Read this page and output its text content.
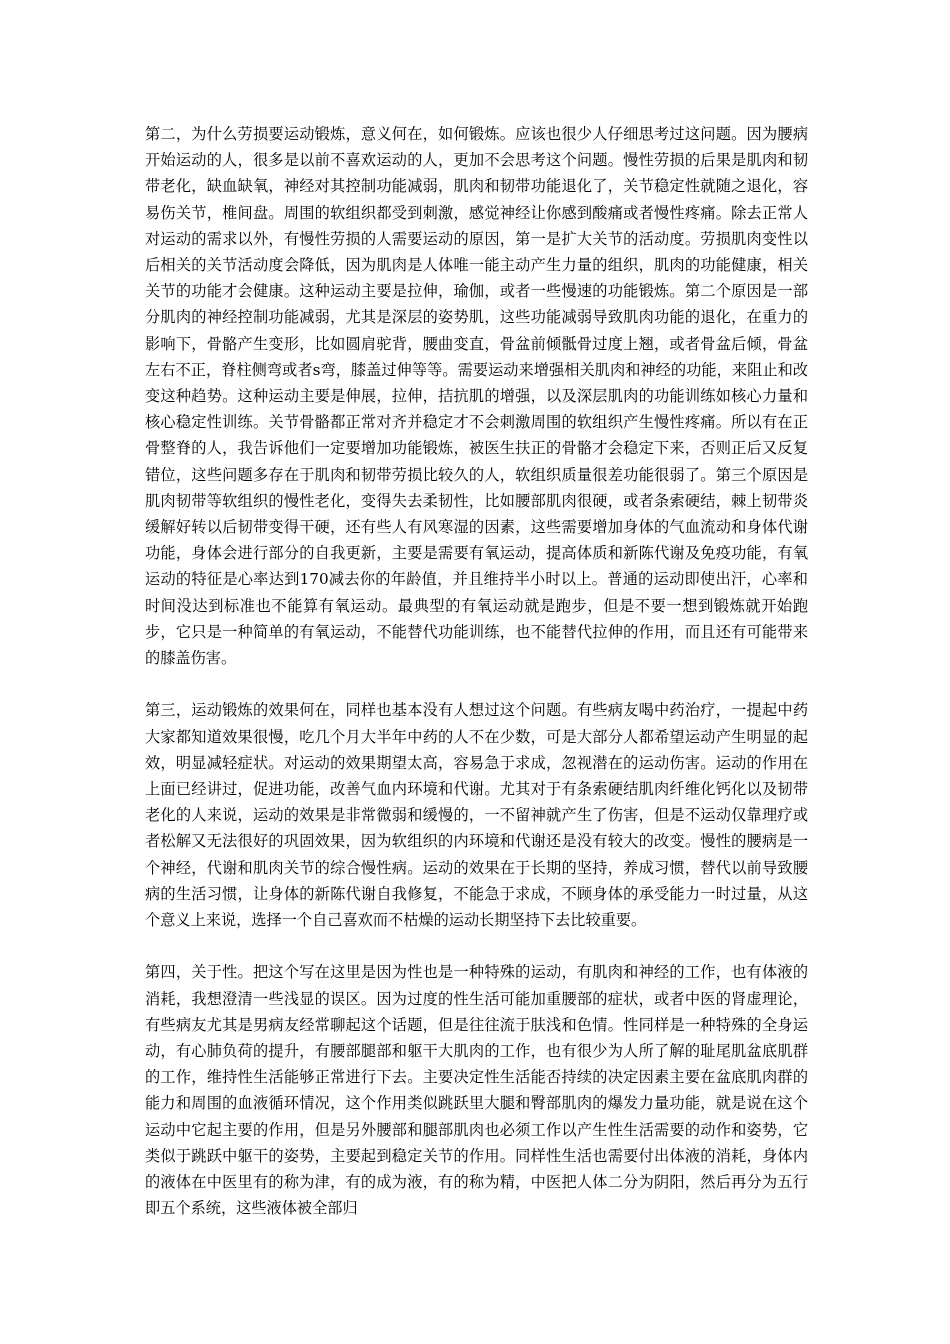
第二，为什么劳损要运动锻炼，意义何在，如何锻炼。应该也很少人仔细思考过这问题。因为腰病开始运动的人，很多是以前不喜欢运动的人，更加不会思考这个问题。慢性劳损的后果是肌肉和韧带老化，缺血缺氧，神经对其控制功能减弱，肌肉和韧带功能退化了，关节稳定性就随之退化，容易伤关节，椎间盘。周围的软组织都受到刺激，感觉神经让你感到酸痛或者慢性疼痛。除去正常人对运动的需求以外，有慢性劳损的人需要运动的原因，第一是扩大关节的活动度。劳损肌肉变性以后相关的关节活动度会降低，因为肌肉是人体唯一能主动产生力量的组织，肌肉的功能健康，相关关节的功能才会健康。这种运动主要是拉伸，瑜伽，或者一些慢速的功能锻炼。第二个原因是一部分肌肉的神经控制功能减弱，尤其是深层的姿势肌，这些功能减弱导致肌肉功能的退化，在重力的影响下，骨骼产生变形，比如圆肩驼背，腰曲变直，骨盆前倾骶骨过度上翘，或者骨盆后倾，骨盆左右不正，脊柱侧弯或者s弯，膝盖过伸等等。需要运动来增强相关肌肉和神经的功能，来阻止和改变这种趋势。这种运动主要是伸展，拉伸，拮抗肌的增强，以及深层肌肉的功能训练如核心力量和核心稳定性训练。关节骨骼都正常对齐并稳定才不会刺激周围的软组织产生慢性疼痛。所以有在正骨整脊的人，我告诉他们一定要增加功能锻炼，被医生扶正的骨骼才会稳定下来，否则正后又反复错位，这些问题多存在于肌肉和韧带劳损比较久的人，软组织质量很差功能很弱了。第三个原因是肌肉韧带等软组织的慢性老化，变得失去柔韧性，比如腰部肌肉很硬，或者条索硬结，棘上韧带炎缓解好转以后韧带变得干硬，还有些人有风寒湿的因素，这些需要增加身体的气血流动和身体代谢功能，身体会进行部分的自我更新，主要是需要有氧运动，提高体质和新陈代谢及免疫功能，有氧运动的特征是心率达到170减去你的年龄值，并且维持半小时以上。普通的运动即使出汗，心率和时间没达到标准也不能算有氧运动。最典型的有氧运动就是跑步，但是不要一想到锻炼就开始跑步，它只是一种简单的有氧运动，不能替代功能训练，也不能替代拉伸的作用，而且还有可能带来的膝盖伤害。

第三，运动锻炼的效果何在，同样也基本没有人想过这个问题。有些病友喝中药治疗，一提起中药大家都知道效果很慢，吃几个月大半年中药的人不在少数，可是大部分人都希望运动产生明显的起效，明显减轻症状。对运动的效果期望太高，容易急于求成，忽视潜在的运动伤害。运动的作用在上面已经讲过，促进功能，改善气血内环境和代谢。尤其对于有条索硬结肌肉纤维化钙化以及韧带老化的人来说，运动的效果是非常微弱和缓慢的，一不留神就产生了伤害，但是不运动仅靠理疗或者松解又无法很好的巩固效果，因为软组织的内环境和代谢还是没有较大的改变。慢性的腰病是一个神经，代谢和肌肉关节的综合慢性病。运动的效果在于长期的坚持，养成习惯，替代以前导致腰病的生活习惯，让身体的新陈代谢自我修复，不能急于求成，不顾身体的承受能力一时过量，从这个意义上来说，选择一个自己喜欢而不枯燥的运动长期坚持下去比较重要。

第四，关于性。把这个写在这里是因为性也是一种特殊的运动，有肌肉和神经的工作，也有体液的消耗，我想澄清一些浅显的误区。因为过度的性生活可能加重腰部的症状，或者中医的肾虚理论，有些病友尤其是男病友经常聊起这个话题，但是往往流于肤浅和色情。性同样是一种特殊的全身运动，有心肺负荷的提升，有腰部腿部和躯干大肌肉的工作，也有很少为人所了解的耻尾肌盆底肌群的工作，维持性生活能够正常进行下去。主要决定性生活能否持续的决定因素主要在盆底肌肉群的能力和周围的血液循环情况，这个作用类似跳跃里大腿和臀部肌肉的爆发力量功能，就是说在这个运动中它起主要的作用，但是另外腰部和腿部肌肉也必须工作以产生性生活需要的动作和姿势，它类似于跳跃中躯干的姿势，主要起到稳定关节的作用。同样性生活也需要付出体液的消耗，身体内的液体在中医里有的称为津，有的成为液，有的称为精，中医把人体二分为阴阳，然后再分为五行即五个系统，这些液体被全部归
